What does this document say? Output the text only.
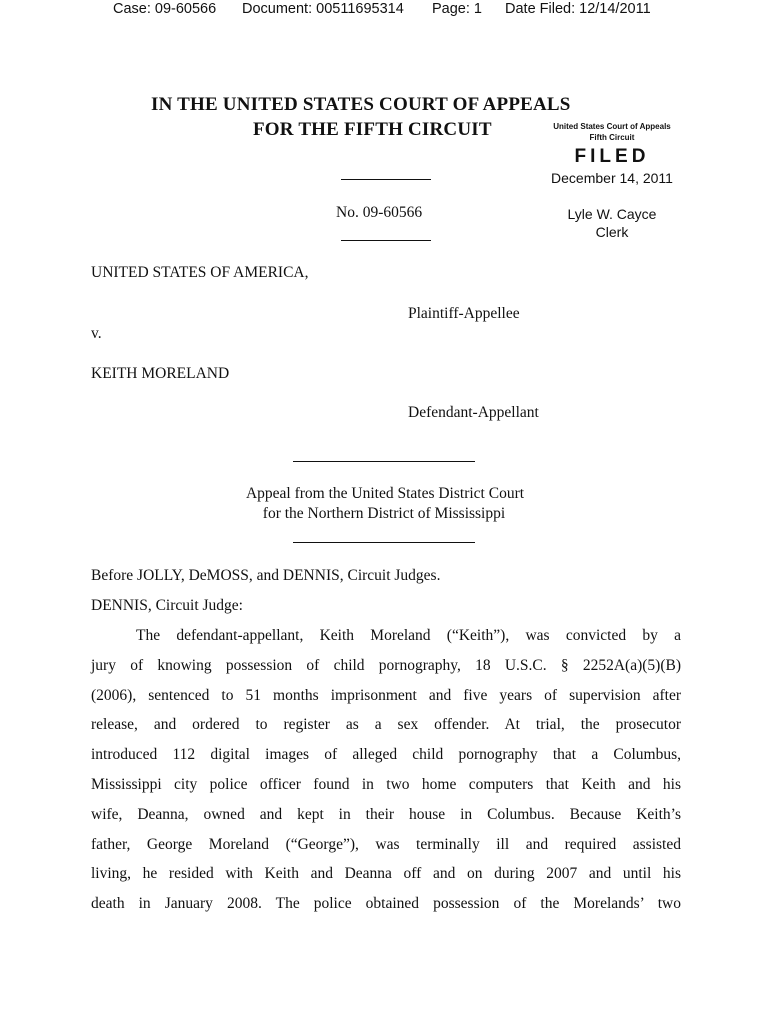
Case: 09-60566 Document: 00511695314 Page: 1 Date Filed: 12/14/2011
IN THE UNITED STATES COURT OF APPEALS
FOR THE FIFTH CIRCUIT	United States Court of Appeals
Fifth Circuit
FILED
December 14, 2011
Lyle W. Cayce
Clerk
No. 09-60566
UNITED STATES OF AMERICA,
Plaintiff-Appellee
v.
KEITH MORELAND
Defendant-Appellant
Appeal from the United States District Court
for the Northern District of Mississippi
Before JOLLY, DeMOSS, and DENNIS, Circuit Judges.
DENNIS, Circuit Judge:
The defendant-appellant, Keith Moreland (“Keith”), was convicted by a
jury of knowing possession of child pornography, 18 U.S.C. § 2252A(a)(5)(B)
(2006), sentenced to 51 months imprisonment and five years of supervision after
release, and ordered to register as a sex offender. At trial, the prosecutor
introduced 112 digital images of alleged child pornography that a Columbus,
Mississippi city police officer found in two home computers that Keith and his
wife, Deanna, owned and kept in their house in Columbus. Because Keith’s
father, George Moreland (“George”), was terminally ill and required assisted
living, he resided with Keith and Deanna off and on during 2007 and until his
death in January 2008. The police obtained possession of the Morelands’ two
